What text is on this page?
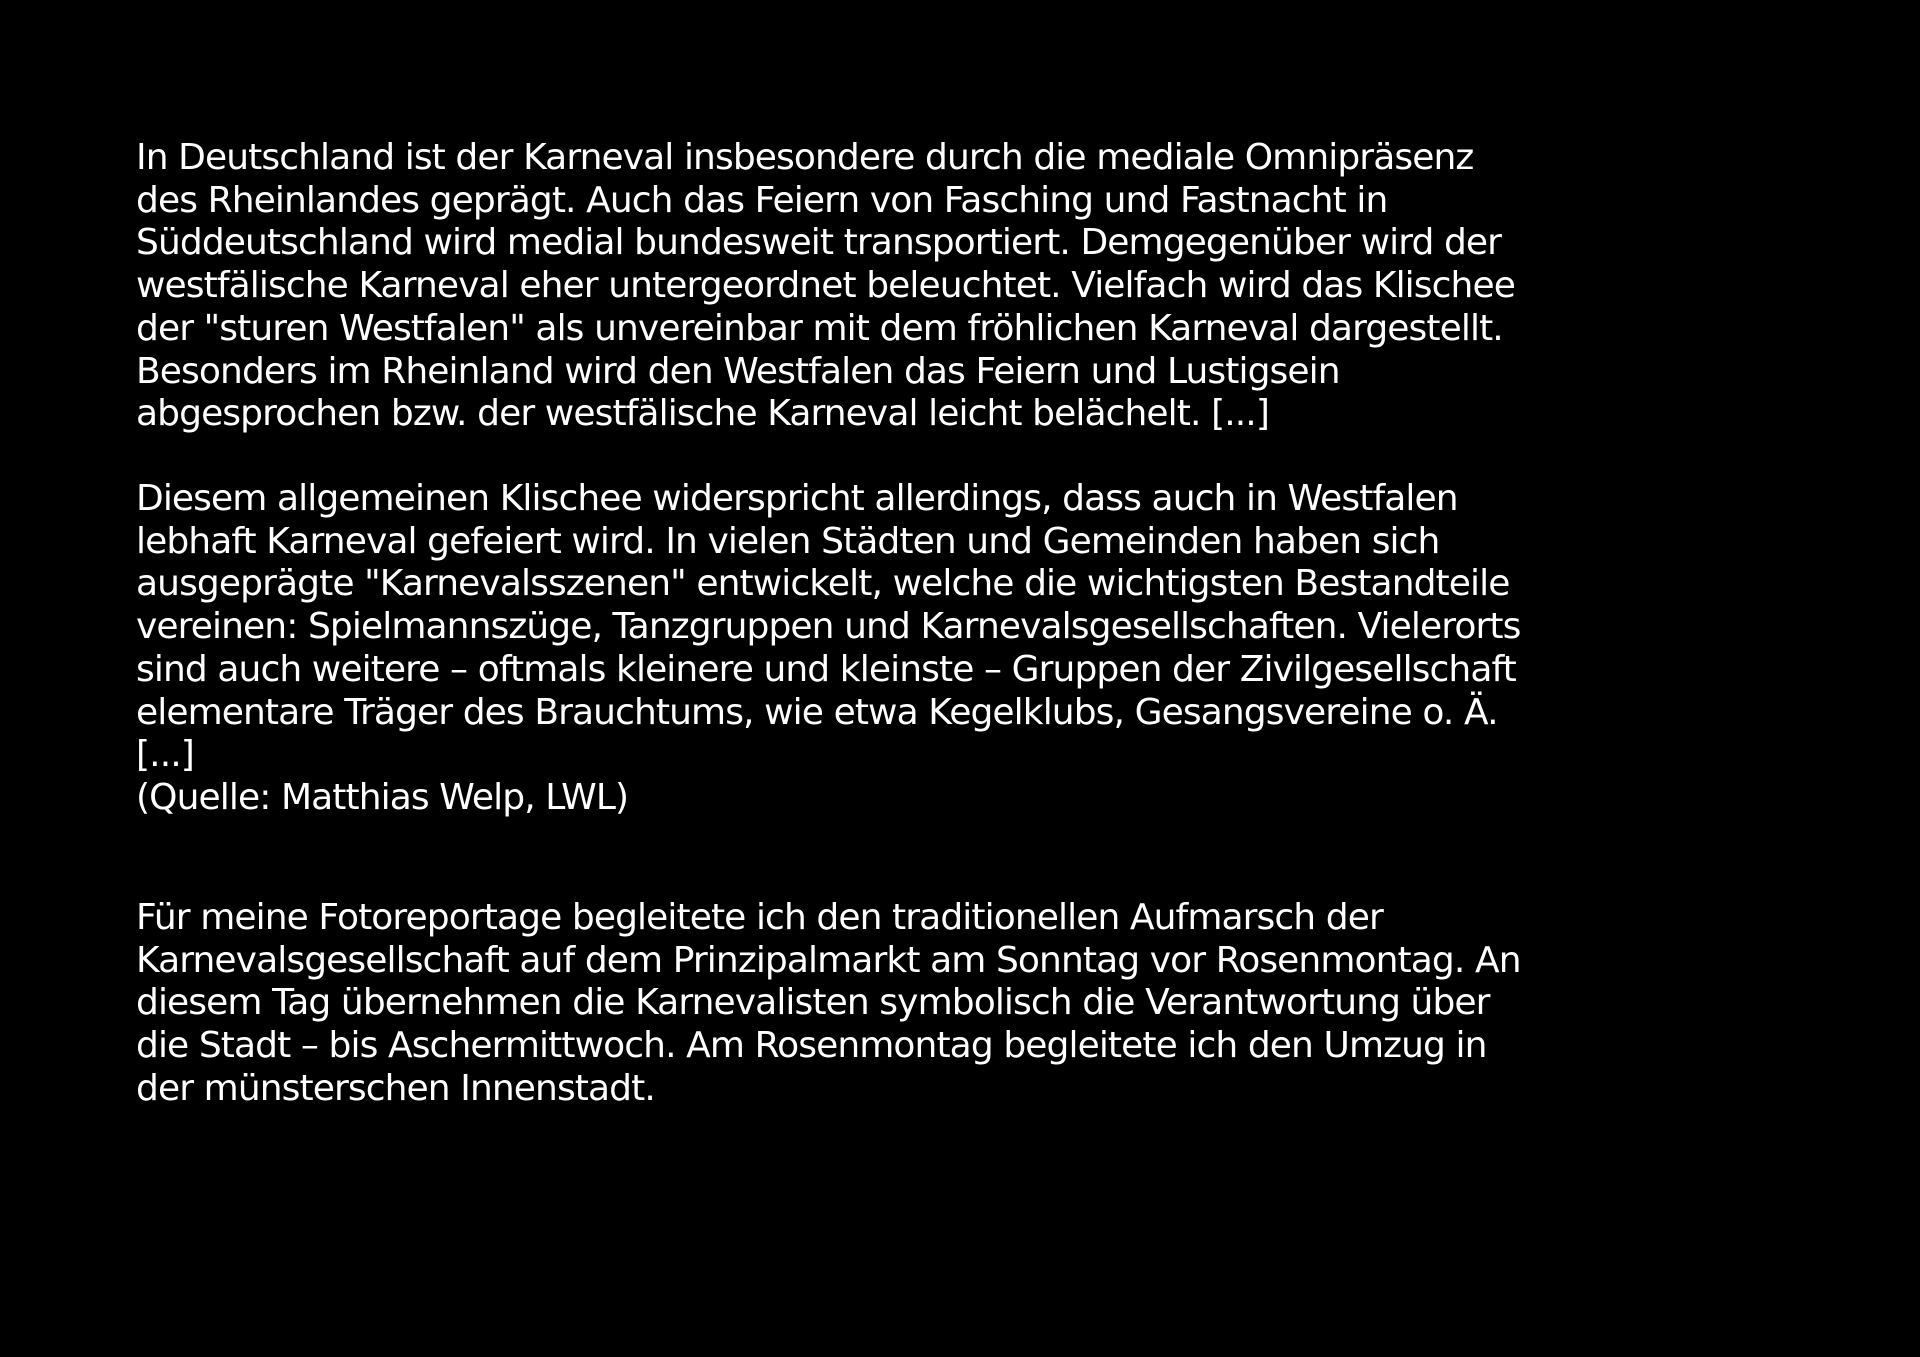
In Deutschland ist der Karneval insbesondere durch die mediale Omnipräsenz
des Rheinlandes geprägt. Auch das Feiern von Fasching und Fastnacht in
Süddeutschland wird medial bundesweit transportiert. Demgegenüber wird der
westfälische Karneval eher untergeordnet beleuchtet. Vielfach wird das Klischee
der "sturen Westfalen" als unvereinbar mit dem fröhlichen Karneval dargestellt.
Besonders im Rheinland wird den Westfalen das Feiern und Lustigsein
abgesprochen bzw. der westfälische Karneval leicht belächelt. [...]

Diesem allgemeinen Klischee widerspricht allerdings, dass auch in Westfalen
lebhaft Karneval gefeiert wird. In vielen Städten und Gemeinden haben sich
ausgeprägte "Karnevalsszenen" entwickelt, welche die wichtigsten Bestandteile
vereinen: Spielmannszüge, Tanzgruppen und Karnevalsgesellschaften. Vielerorts
sind auch weitere – oftmals kleinere und kleinste – Gruppen der Zivilgesellschaft
elementare Träger des Brauchtums, wie etwa Kegelklubs, Gesangsvereine o. Ä.
[...]
(Quelle: Matthias Welp, LWL)

Für meine Fotoreportage begleitete ich den traditionellen Aufmarsch der
Karnevalsgesellschaft auf dem Prinzipalmarkt am Sonntag vor Rosenmontag. An
diesem Tag übernehmen die Karnevalisten symbolisch die Verantwortung über
die Stadt – bis Aschermittwoch. Am Rosenmontag begleitete ich den Umzug in
der münsterschen Innenstadt.
